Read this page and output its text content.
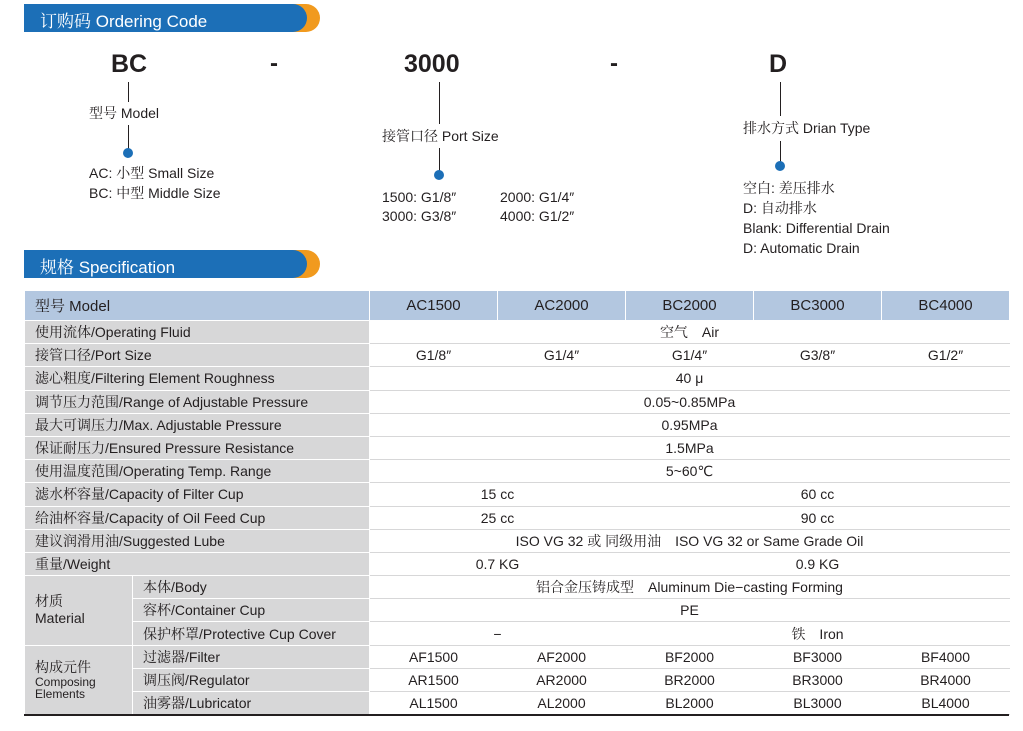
订购码 Ordering Code
BC	-	3000	-	D
型号 Model
AC: 小型 Small Size
BC: 中型 Middle Size
接管口径 Port Size
1500: G1/8″	2000: G1/4″
3000: G3/8″	4000: G1/2″
排水方式 Drian Type
空白: 差压排水
D: 自动排水
Blank: Differential Drain
D: Automatic Drain
规格 Specification
型号 Model		AC1500	AC2000	BC2000	BC3000	BC4000
使用流体/Operating Fluid		空气　Air				
接管口径/Port Size		G1/8″	G1/4″	G1/4″	G3/8″	G1/2″
滤心粗度/Filtering Element Roughness		40 μ				
调节压力范围/Range of Adjustable Pressure		0.05~0.85MPa				
最大可调压力/Max. Adjustable Pressure		0.95MPa				
保证耐压力/Ensured Pressure Resistance		1.5MPa				
使用温度范围/Operating Temp. Range		5~60℃				
滤水杯容量/Capacity of Filter Cup		15 cc		60 cc		
给油杯容量/Capacity of Oil Feed Cup		25 cc		90 cc		
建议润滑用油/Suggested Lube		ISO VG 32 或 同级用油　ISO VG 32 or Same Grade Oil				
重量/Weight		0.7 KG		0.9 KG		
材质
Material	本体/Body	铝合金压铸成型　Aluminum Die−casting Forming				
	容杯/Container Cup	PE				
	保护杯罩/Protective Cup Cover	−		铁　Iron		
构成元件

Composing
Elements	过滤器/Filter	AF1500	AF2000	BF2000	BF3000	BF4000
	调压阀/Regulator	AR1500	AR2000	BR2000	BR3000	BR4000
	油雾器/Lubricator	AL1500	AL2000	BL2000	BL3000	BL4000
